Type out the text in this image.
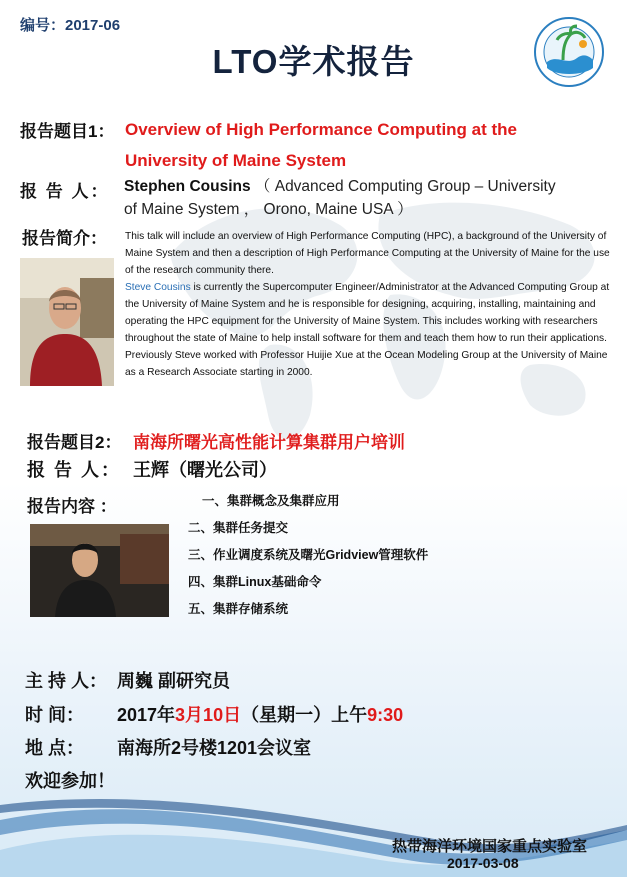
编号：2017-06
LTO学术报告
报告题目1： Overview of High Performance Computing at the
University of Maine System
报 告 人： Stephen Cousins （ Advanced Computing Group – University
of Maine System ， Orono, Maine USA ）
报告简介： This talk will include an overview of High Performance Computing (HPC), a background of the University of Maine System and then a description of High Performance Computing at the University of Maine for the use of the research community there.
Steve Cousins is currently the Supercomputer Engineer/Administrator at the Advanced Computing Group at the University of Maine System and he is responsible for designing, acquiring, installing, maintaining and operating the HPC equipment for the University of Maine System. This includes working with researchers throughout the state of Maine to help install software for them and teach them how to run their applications. Previously Steve worked with Professor Huijie Xue at the Ocean Modeling Group at the University of Maine as a Research Associate starting in 2000.
报告题目2： 南海所曙光高性能计算集群用户培训
报 告 人： 王辉（曙光公司）
报告内容 ：	一、集群概念及集群应用
二、集群任务提交
三、作业调度系统及曙光Gridview管理软件
四、集群Linux基础命令
五、集群存储系统
主 持 人： 周巍 副研究员
时 间： 2017年3月10日（星期一）上午9:30
地 点： 南海所2号楼1201会议室
欢迎参加！
热带海洋环境国家重点实验室
2017-03-08
